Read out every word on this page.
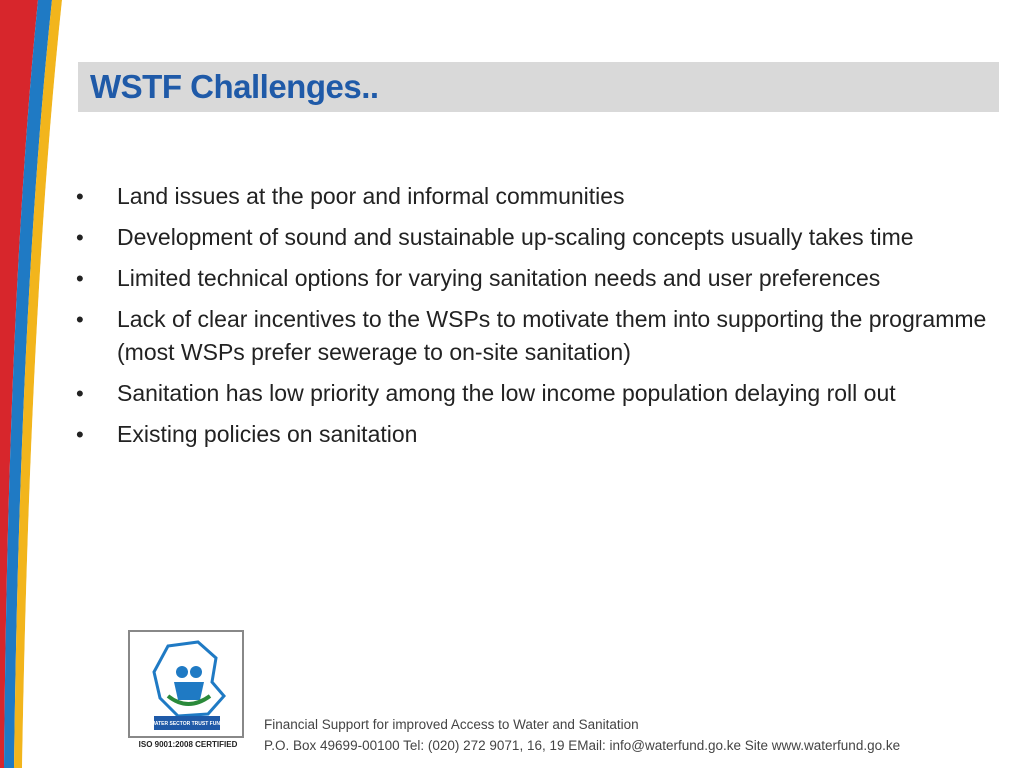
WSTF Challenges..
• Land issues at the poor and informal communities
• Development of sound and sustainable up-scaling concepts usually takes time
• Limited technical options for varying sanitation needs and user preferences
• Lack of clear incentives to the WSPs to motivate them into supporting the programme (most WSPs prefer sewerage to on-site sanitation)
• Sanitation has low priority among the low income population delaying roll out
• Existing policies on sanitation
WATER SECTOR TRUST FUND
ISO 9001:2008 CERTIFIED
Financial Support for improved Access to Water and Sanitation
P.O. Box 49699-00100 Tel: (020) 272 9071, 16, 19 EMail: info@waterfund.go.ke Site www.waterfund.go.ke
